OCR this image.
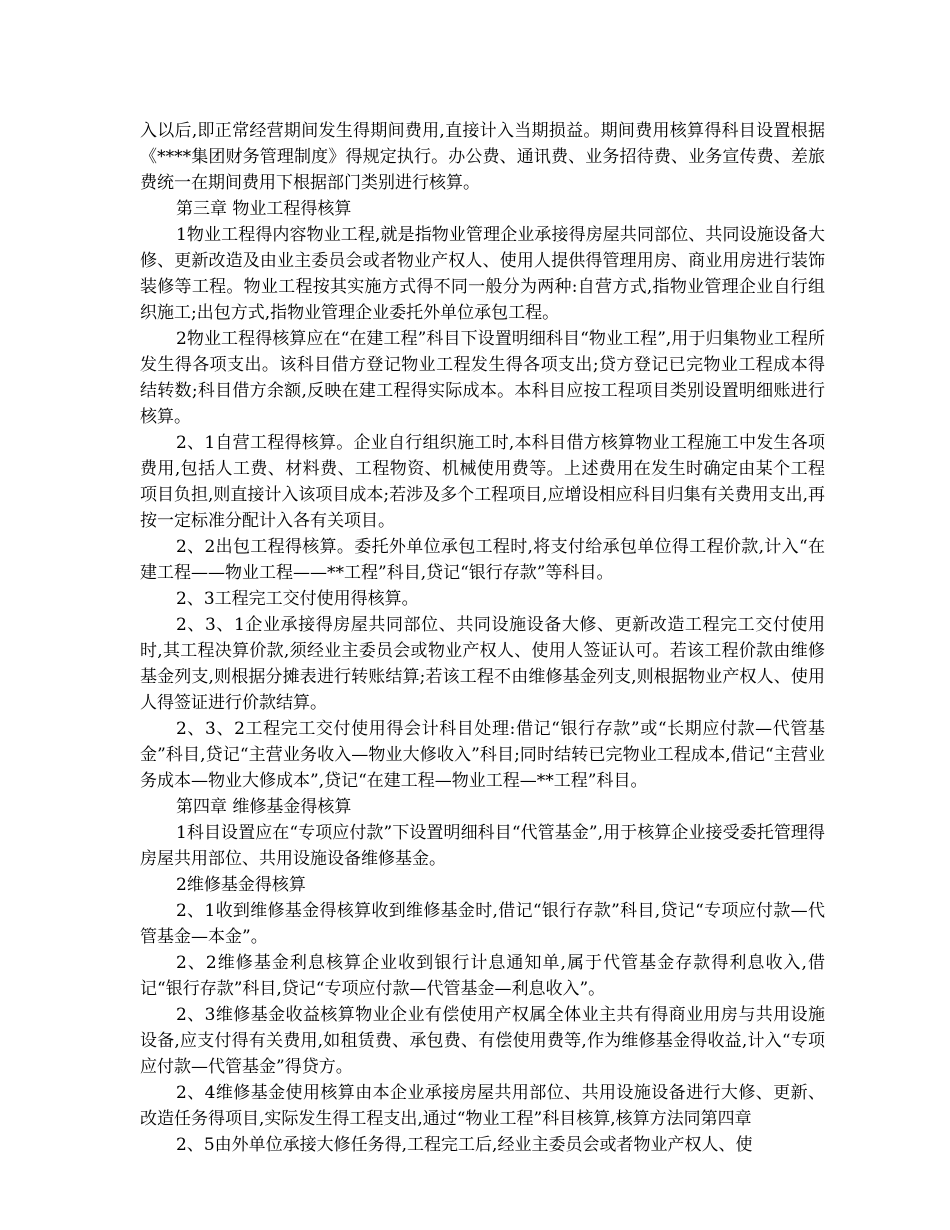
入以后,即正常经营期间发生得期间费用,直接计入当期损益。期间费用核算得科目设置根据《****集团财务管理制度》得规定执行。办公费、通讯费、业务招待费、业务宣传费、差旅费统一在期间费用下根据部门类别进行核算。

第三章 物业工程得核算

1物业工程得内容物业工程,就是指物业管理企业承接得房屋共同部位、共同设施设备大修、更新改造及由业主委员会或者物业产权人、使用人提供得管理用房、商业用房进行装饰装修等工程。物业工程按其实施方式得不同一般分为两种:自营方式,指物业管理企业自行组织施工;出包方式,指物业管理企业委托外单位承包工程。

2物业工程得核算应在“在建工程”科目下设置明细科目“物业工程”,用于归集物业工程所发生得各项支出。该科目借方登记物业工程发生得各项支出;贷方登记已完物业工程成本得结转数;科目借方余额,反映在建工程得实际成本。本科目应按工程项目类别设置明细账进行核算。

2、1自营工程得核算。企业自行组织施工时,本科目借方核算物业工程施工中发生各项费用,包括人工费、材料费、工程物资、机械使用费等。上述费用在发生时确定由某个工程项目负担,则直接计入该项目成本;若涉及多个工程项目,应增设相应科目归集有关费用支出,再按一定标准分配计入各有关项目。

2、2出包工程得核算。委托外单位承包工程时,将支付给承包单位得工程价款,计入“在建工程——物业工程——**工程”科目,贷记“银行存款”等科目。

2、3工程完工交付使用得核算。

2、3、1企业承接得房屋共同部位、共同设施设备大修、更新改造工程完工交付使用时,其工程决算价款,须经业主委员会或物业产权人、使用人签证认可。若该工程价款由维修基金列支,则根据分摊表进行转账结算;若该工程不由维修基金列支,则根据物业产权人、使用人得签证进行价款结算。

2、3、2工程完工交付使用得会计科目处理:借记“银行存款”或“长期应付款—代管基金”科目,贷记“主营业务收入—物业大修收入”科目;同时结转已完物业工程成本,借记“主营业务成本—物业大修成本”,贷记“在建工程—物业工程—**工程”科目。

第四章 维修基金得核算

1科目设置应在“专项应付款”下设置明细科目“代管基金”,用于核算企业接受委托管理得房屋共用部位、共用设施设备维修基金。

2维修基金得核算

2、1收到维修基金得核算收到维修基金时,借记“银行存款”科目,贷记“专项应付款—代管基金—本金”。

2、2维修基金利息核算企业收到银行计息通知单,属于代管基金存款得利息收入,借记“银行存款”科目,贷记“专项应付款—代管基金—利息收入”。

2、3维修基金收益核算物业企业有偿使用产权属全体业主共有得商业用房与共用设施设备,应支付得有关费用,如租赁费、承包费、有偿使用费等,作为维修基金得收益,计入“专项应付款—代管基金”得贷方。

2、4维修基金使用核算由本企业承接房屋共用部位、共用设施设备进行大修、更新、改造任务得项目,实际发生得工程支出,通过“物业工程”科目核算,核算方法同第四章

2、5由外单位承接大修任务得,工程完工后,经业主委员会或者物业产权人、使
